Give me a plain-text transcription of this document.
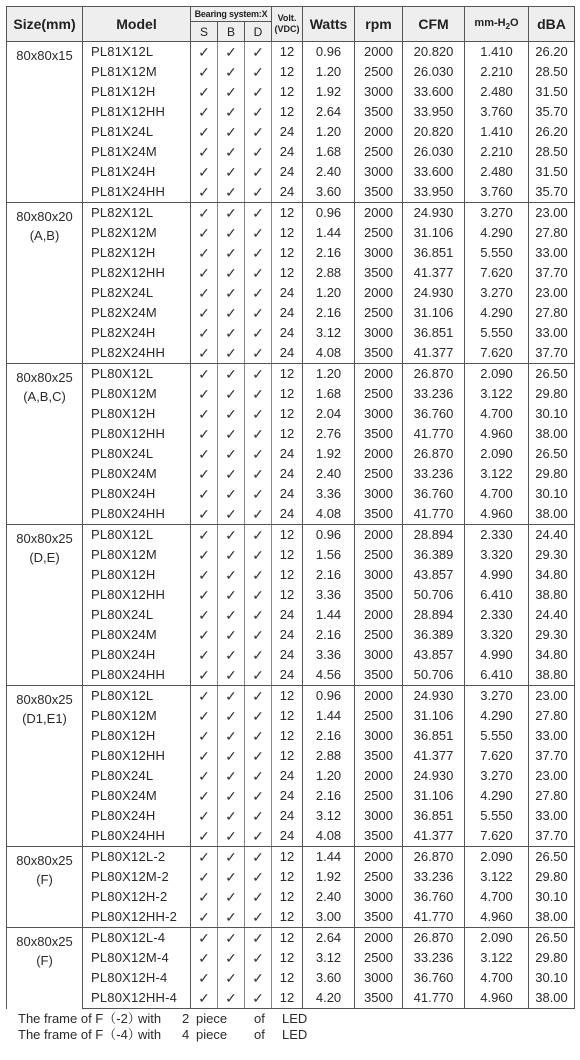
Size(mm)	Model	Bearing system:X			Volt.
(VDC)	Watts	rpm	CFM	$mm-H_2O$	dBA
		S	B	D						
80x80x15	PL81X12L	✓	✓	✓	12	0.96	2000	20.820	1.410	26.20
	PL81X12M	✓	✓	✓	12	1.20	2500	26.030	2.210	28.50
	PL81X12H	✓	✓	✓	12	1.92	3000	33.600	2.480	31.50
	PL81X12HH	✓	✓	✓	12	2.64	3500	33.950	3.760	35.70
	PL81X24L	✓	✓	✓	24	1.20	2000	20.820	1.410	26.20
	PL81X24M	✓	✓	✓	24	1.68	2500	26.030	2.210	28.50
	PL81X24H	✓	✓	✓	24	2.40	3000	33.600	2.480	31.50
	PL81X24HH	✓	✓	✓	24	3.60	3500	33.950	3.760	35.70
80x80x20
(A,B)	PL82X12L	✓	✓	✓	12	0.96	2000	24.930	3.270	23.00
	PL82X12M	✓	✓	✓	12	1.44	2500	31.106	4.290	27.80
	PL82X12H	✓	✓	✓	12	2.16	3000	36.851	5.550	33.00
	PL82X12HH	✓	✓	✓	12	2.88	3500	41.377	7.620	37.70
	PL82X24L	✓	✓	✓	24	1.20	2000	24.930	3.270	23.00
	PL82X24M	✓	✓	✓	24	2.16	2500	31.106	4.290	27.80
	PL82X24H	✓	✓	✓	24	3.12	3000	36.851	5.550	33.00
	PL82X24HH	✓	✓	✓	24	4.08	3500	41.377	7.620	37.70
80x80x25
(A,B,C)	PL80X12L	✓	✓	✓	12	1.20	2000	26.870	2.090	26.50
	PL80X12M	✓	✓	✓	12	1.68	2500	33.236	3.122	29.80
	PL80X12H	✓	✓	✓	12	2.04	3000	36.760	4.700	30.10
	PL80X12HH	✓	✓	✓	12	2.76	3500	41.770	4.960	38.00
	PL80X24L	✓	✓	✓	24	1.92	2000	26.870	2.090	26.50
	PL80X24M	✓	✓	✓	24	2.40	2500	33.236	3.122	29.80
	PL80X24H	✓	✓	✓	24	3.36	3000	36.760	4.700	30.10
	PL80X24HH	✓	✓	✓	24	4.08	3500	41.770	4.960	38.00
80x80x25
(D,E)	PL80X12L	✓	✓	✓	12	0.96	2000	28.894	2.330	24.40
	PL80X12M	✓	✓	✓	12	1.56	2500	36.389	3.320	29.30
	PL80X12H	✓	✓	✓	12	2.16	3000	43.857	4.990	34.80
	PL80X12HH	✓	✓	✓	12	3.36	3500	50.706	6.410	38.80
	PL80X24L	✓	✓	✓	24	1.44	2000	28.894	2.330	24.40
	PL80X24M	✓	✓	✓	24	2.16	2500	36.389	3.320	29.30
	PL80X24H	✓	✓	✓	24	3.36	3000	43.857	4.990	34.80
	PL80X24HH	✓	✓	✓	24	4.56	3500	50.706	6.410	38.80
80x80x25
(D1,E1)	PL80X12L	✓	✓	✓	12	0.96	2000	24.930	3.270	23.00
	PL80X12M	✓	✓	✓	12	1.44	2500	31.106	4.290	27.80
	PL80X12H	✓	✓	✓	12	2.16	3000	36.851	5.550	33.00
	PL80X12HH	✓	✓	✓	12	2.88	3500	41.377	7.620	37.70
	PL80X24L	✓	✓	✓	24	1.20	2000	24.930	3.270	23.00
	PL80X24M	✓	✓	✓	24	2.16	2500	31.106	4.290	27.80
	PL80X24H	✓	✓	✓	24	3.12	3000	36.851	5.550	33.00
	PL80X24HH	✓	✓	✓	24	4.08	3500	41.377	7.620	37.70
80x80x25
(F)	PL80X12L-2	✓	✓	✓	12	1.44	2000	26.870	2.090	26.50
	PL80X12M-2	✓	✓	✓	12	1.92	2500	33.236	3.122	29.80
	PL80X12H-2	✓	✓	✓	12	2.40	3000	36.760	4.700	30.10
	PL80X12HH-2	✓	✓	✓	12	3.00	3500	41.770	4.960	38.00
80x80x25
(F)	PL80X12L-4	✓	✓	✓	12	2.64	2000	26.870	2.090	26.50
	PL80X12M-4	✓	✓	✓	12	3.12	2500	33.236	3.122	29.80
	PL80X12H-4	✓	✓	✓	12	3.60	3000	36.760	4.700	30.10
	PL80X12HH-4	✓	✓	✓	12	4.20	3500	41.770	4.960	38.00
The frame of F（-2）with 2 piece of LED
The frame of F（-4）with 4 piece of LED
